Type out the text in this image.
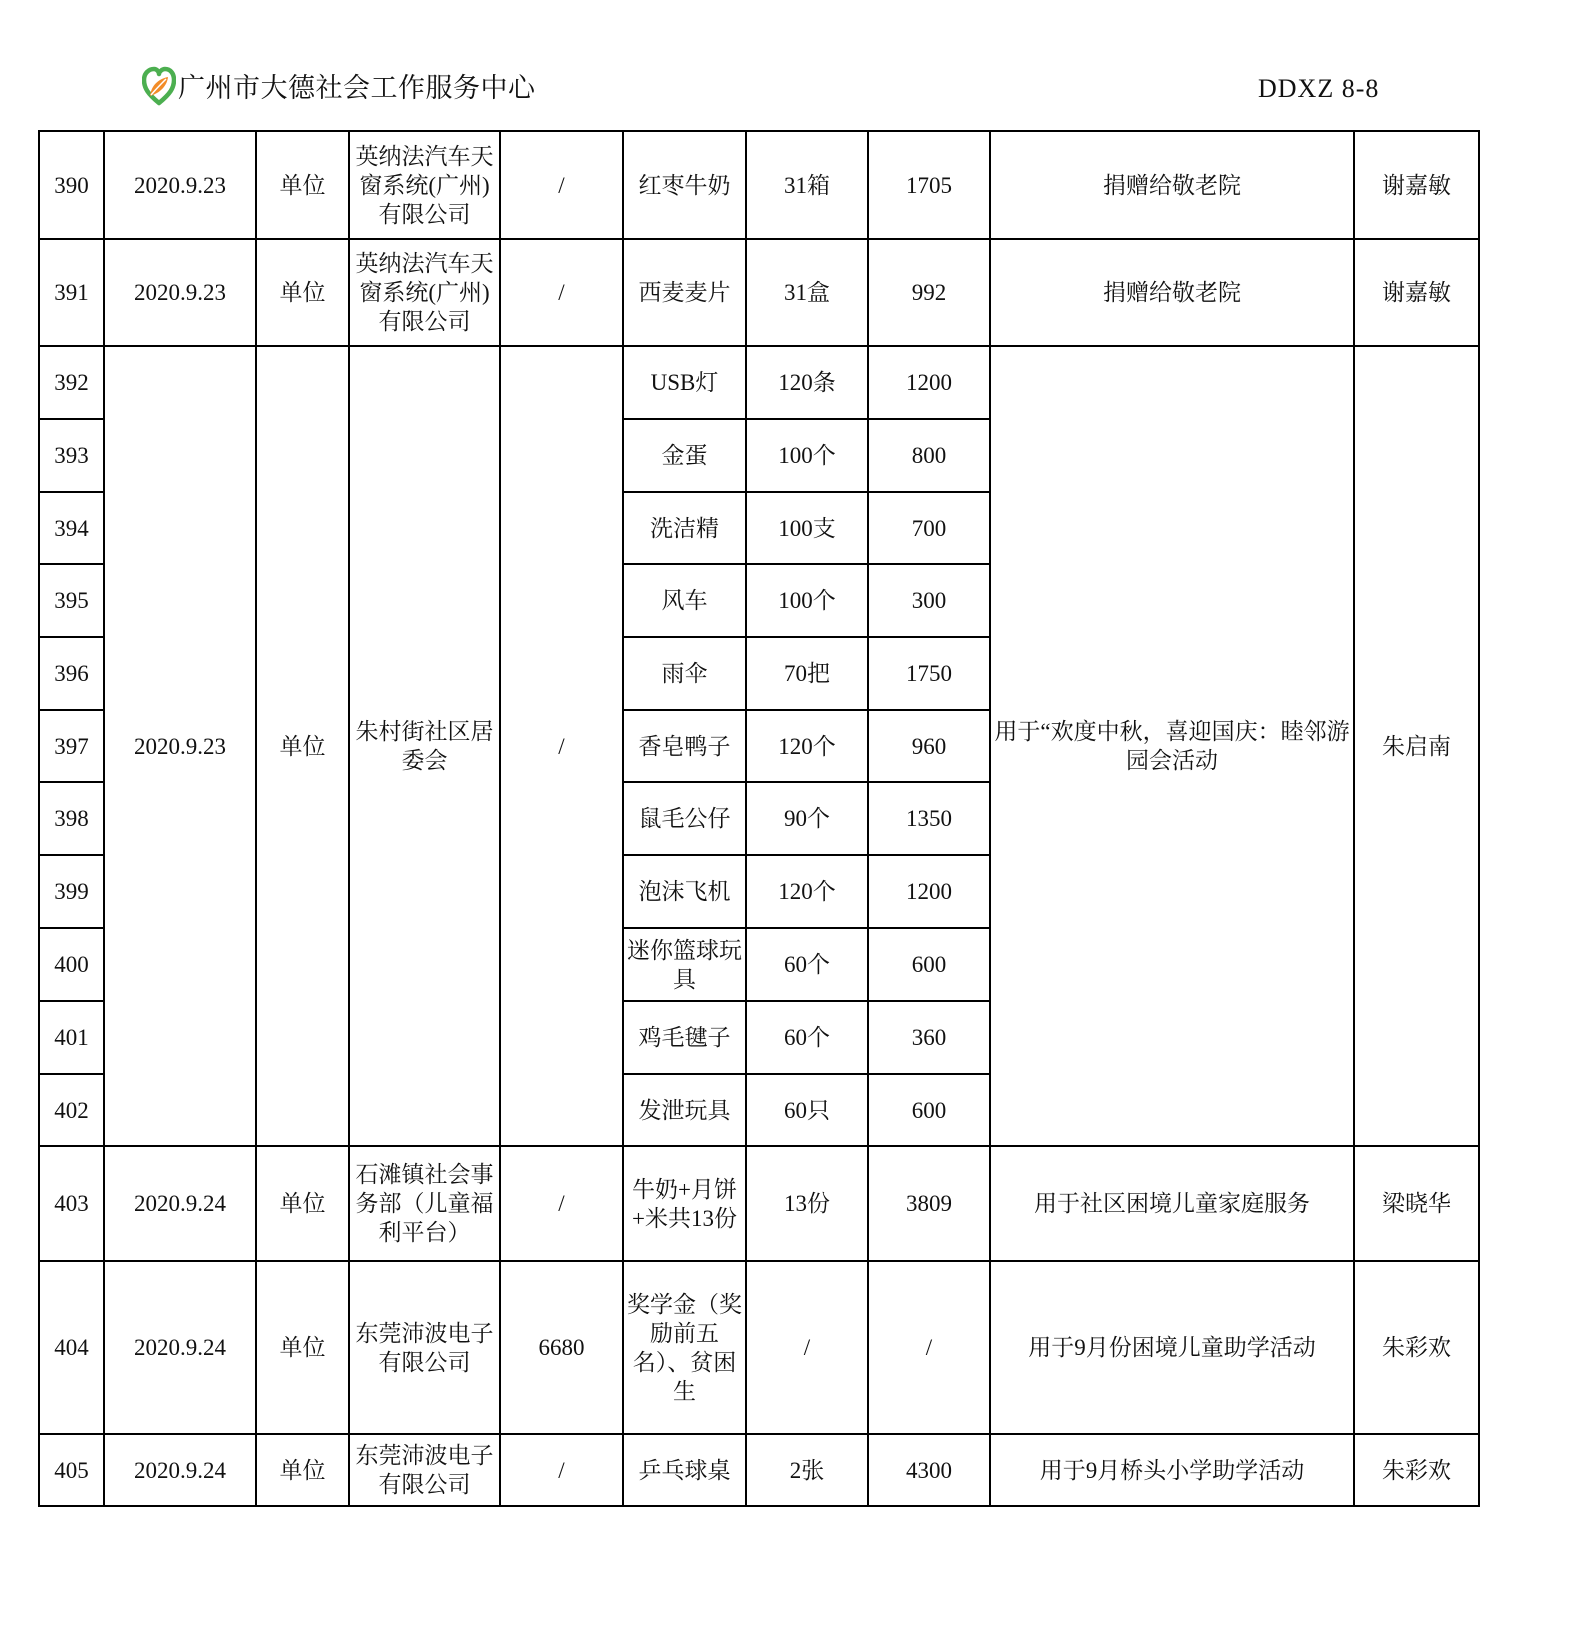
广州市大德社会工作服务中心	DDXZ 8-8
390	2020.9.23	单位	英纳法汽车天窗系统(广州)有限公司	/	红枣牛奶	31箱	1705	捐赠给敬老院	谢嘉敏
391	2020.9.23	单位	英纳法汽车天窗系统(广州)有限公司	/	西麦麦片	31盒	992	捐赠给敬老院	谢嘉敏
392	2020.9.23	单位	朱村街社区居委会	/	USB灯	120条	1200	用于“欢度中秋，喜迎国庆：睦邻游园会活动	朱启南
393					金蛋	100个	800		
394					洗洁精	100支	700		
395					风车	100个	300		
396					雨伞	70把	1750		
397					香皂鸭子	120个	960		
398					鼠毛公仔	90个	1350		
399					泡沫飞机	120个	1200		
400					迷你篮球玩具	60个	600		
401					鸡毛毽子	60个	360		
402					发泄玩具	60只	600		
403	2020.9.24	单位	石滩镇社会事务部（儿童福利平台）	/	牛奶+月饼+米共13份	13份	3809	用于社区困境儿童家庭服务	梁晓华
404	2020.9.24	单位	东莞沛波电子有限公司	6680	奖学金（奖励前五名）、贫困生	/	/	用于9月份困境儿童助学活动	朱彩欢
405	2020.9.24	单位	东莞沛波电子有限公司	/	乒乓球桌	2张	4300	用于9月桥头小学助学活动	朱彩欢
